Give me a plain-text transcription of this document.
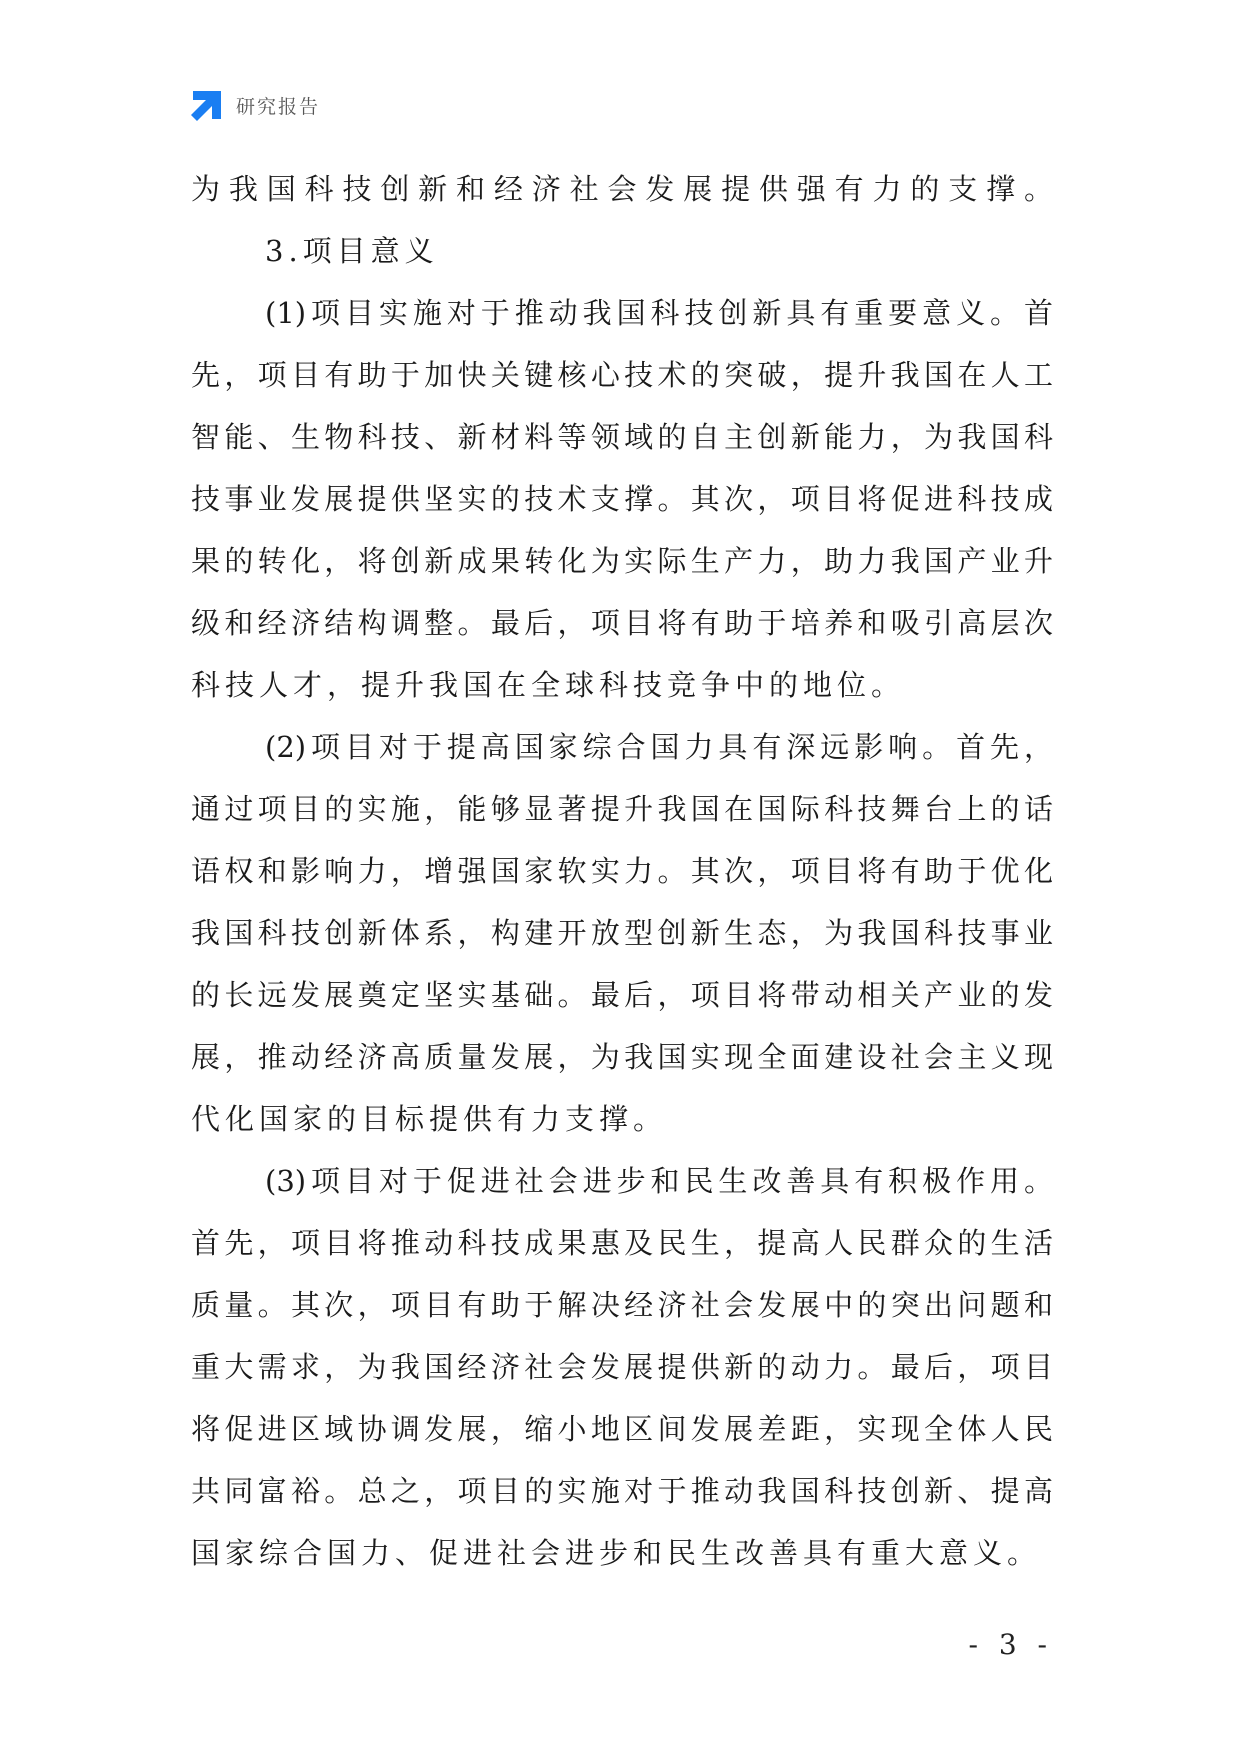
研究报告
为我国科技创新和经济社会发展提供强有力的支撑。
3.项目意义
(1)项目实施对于推动我国科技创新具有重要意义。首
先，项目有助于加快关键核心技术的突破，提升我国在人工
智能、生物科技、新材料等领域的自主创新能力，为我国科
技事业发展提供坚实的技术支撑。其次，项目将促进科技成
果的转化，将创新成果转化为实际生产力，助力我国产业升
级和经济结构调整。最后，项目将有助于培养和吸引高层次
科技人才，提升我国在全球科技竞争中的地位。
(2)项目对于提高国家综合国力具有深远影响。首先，
通过项目的实施，能够显著提升我国在国际科技舞台上的话
语权和影响力，增强国家软实力。其次，项目将有助于优化
我国科技创新体系，构建开放型创新生态，为我国科技事业
的长远发展奠定坚实基础。最后，项目将带动相关产业的发
展，推动经济高质量发展，为我国实现全面建设社会主义现
代化国家的目标提供有力支撑。
(3)项目对于促进社会进步和民生改善具有积极作用。
首先，项目将推动科技成果惠及民生，提高人民群众的生活
质量。其次，项目有助于解决经济社会发展中的突出问题和
重大需求，为我国经济社会发展提供新的动力。最后，项目
将促进区域协调发展，缩小地区间发展差距，实现全体人民
共同富裕。总之，项目的实施对于推动我国科技创新、提高
国家综合国力、促进社会进步和民生改善具有重大意义。
- 3 -
